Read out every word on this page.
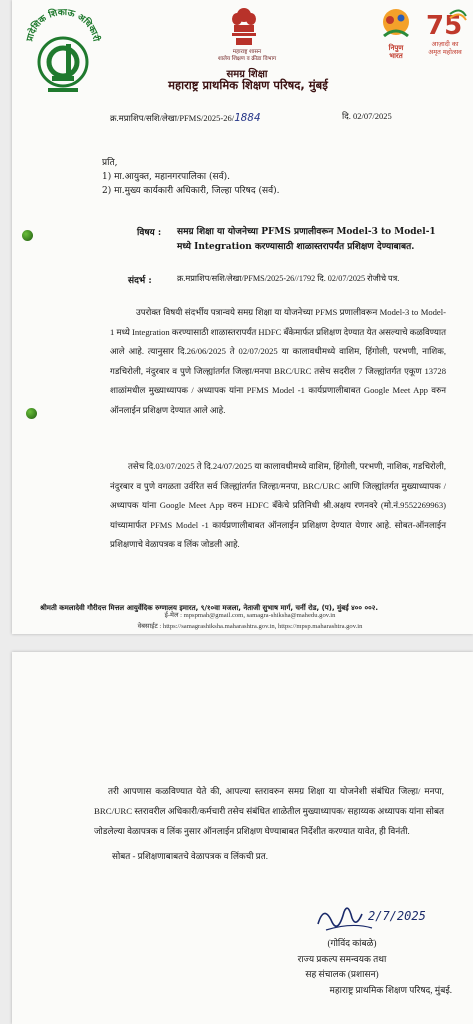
प्रादेशिक शिकाऊ अधिकारी
महाराष्ट्र शासन
शालेय शिक्षण व क्रीडा विभाग
समग्र शिक्षा
महाराष्ट्र प्राथमिक शिक्षण परिषद, मुंबई
निपुण
भारत
75
आज़ादी का
अमृत महोत्सव
क्र.मप्राशिप/सशि/लेखा/PFMS/2025-26/1884	दि. 02/07/2025
प्रति,
1) मा.आयुक्त, महानगरपालिका (सर्व).
2) मा.मुख्य कार्यकारी अधिकारी, जिल्हा परिषद (सर्व).
विषय : समग्र शिक्षा या योजनेच्या PFMS प्रणालीवरून Model-3 to Model-1 मध्ये Integration करण्यासाठी शाळास्तरापर्यंत प्रशिक्षण देण्याबाबत.
संदर्भ :	क्र.मप्राशिप/सशि/लेखा/PFMS/2025-26//1792 दि. 02/07/2025 रोजीचे पत्र.
उपरोक्त विषयी संदर्भीय पत्रान्वये समग्र शिक्षा या योजनेच्या PFMS प्रणालीवरून Model-3 to Model- 1 मध्ये Integration करण्यासाठी शाळास्तरापर्यंत HDFC बँकेमार्फत प्रशिक्षण देण्यात येत असल्याचे कळविण्यात आले आहे. त्यानुसार दि.26/06/2025 ते 02/07/2025 या कालावधीमध्ये वाशिम, हिंगोली, परभणी, नाशिक, गडचिरोली, नंदुरबार व पुणे जिल्ह्यांतर्गत जिल्हा/मनपा BRC/URC तसेच सदरील 7 जिल्ह्यांतर्गत एकूण 13728 शाळांमधील मुख्याध्यापक / अध्यापक यांना PFMS Model -1 कार्यप्रणालीबाबत Google Meet App वरुन ऑनलाईन प्रशिक्षण देण्यात आले आहे.
तसेच दि.03/07/2025 ते दि.24/07/2025 या कालावधीमध्ये वाशिम, हिंगोली, परभणी, नाशिक, गडचिरोली, नंदुरबार व पुणे वगळता उर्वरित सर्व जिल्ह्यांतर्गत जिल्हा/मनपा, BRC/URC आणि जिल्ह्यांतर्गत मुख्याध्यापक / अध्यापक यांना Google Meet App वरुन HDFC बँकेचे प्रतिनिधी श्री.अक्षय रणनवरे (मो.नं.9552269963) यांच्यामार्फत PFMS Model -1 कार्यप्रणालीबाबत ऑनलाईन प्रशिक्षण देण्यात येणार आहे. सोबत-ऑनलाईन प्रशिक्षणाचे वेळापत्रक व लिंक जोडली आहे.
श्रीमती कमलादेवी गौरीदत्त मित्तल आयुर्वेदिक रुग्णालय इमारत, ९/१०वा मजला, नेताजी सुभाष मार्ग, चर्नी रोड, (प), मुंबई ४०० ००२.
ई-मेल : mpspmah@gmail.com, samagra-shiksha@mahedu.gov.in
वेबसाईट : https://samagrashiksha.maharashtra.gov.in, https://mpsp.maharashtra.gov.in
तरी आपणास कळविण्यात येते की, आपल्या स्तरावरुन समग्र शिक्षा या योजनेशी संबंधित जिल्हा/ मनपा, BRC/URC स्तरावरील अधिकारी/कर्मचारी तसेच संबंधित शाळेतील मुख्याध्यापक/ सहाय्यक अध्यापक यांना सोबत जोडलेल्या वेळापत्रक व लिंक नुसार ऑनलाईन प्रशिक्षण घेण्याबाबत निर्देशीत करण्यात यावेत, ही विनंती.
सोबत - प्रशिक्षणाबाबतचे वेळापत्रक व लिंकची प्रत.
2/7/2025
(गोविंद कांबळे)
राज्य प्रकल्प समन्वयक तथा
सह संचालक (प्रशासन)
महाराष्ट्र प्राथमिक शिक्षण परिषद, मुंबई.
